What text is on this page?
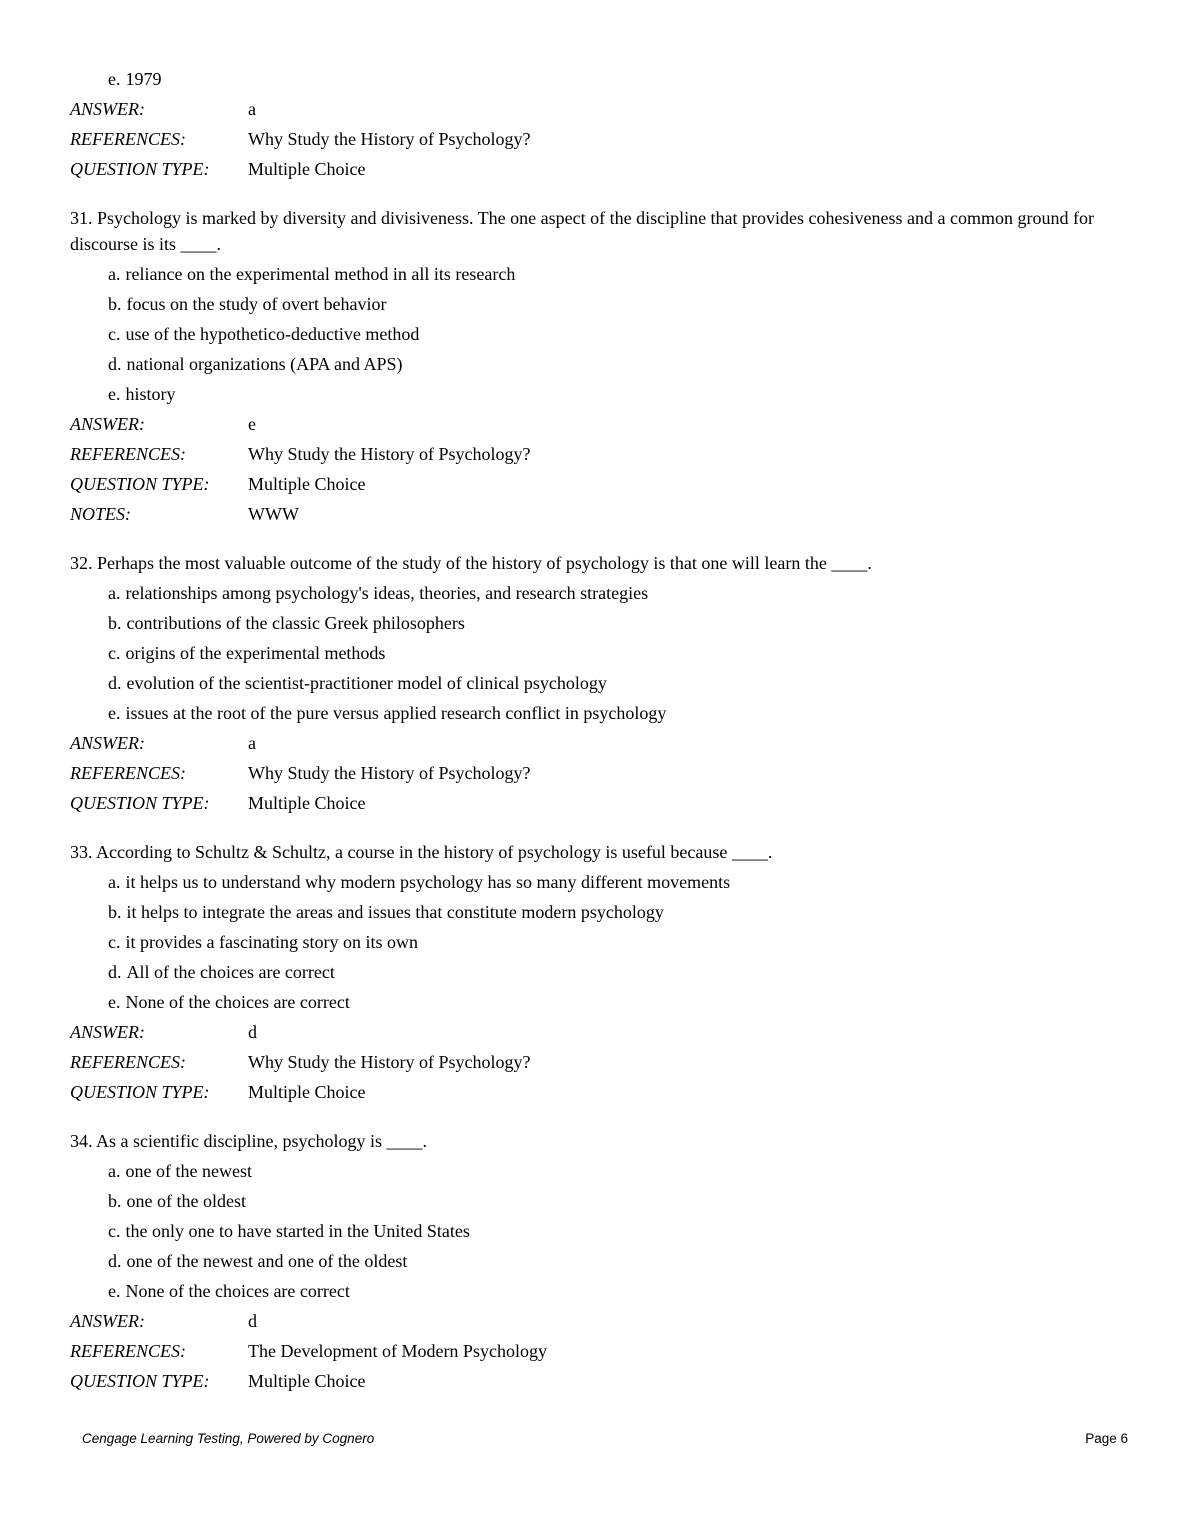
e. 1979
ANSWER:	a
REFERENCES:	Why Study the History of Psychology?
QUESTION TYPE:	Multiple Choice

31. Psychology is marked by diversity and divisiveness. The one aspect of the discipline that provides cohesiveness and a common ground for discourse is its ____.

a. reliance on the experimental method in all its research
b. focus on the study of overt behavior
c. use of the hypothetico-deductive method
d. national organizations (APA and APS)
e. history
ANSWER:	e
REFERENCES:	Why Study the History of Psychology?
QUESTION TYPE:	Multiple Choice
NOTES:	WWW

32. Perhaps the most valuable outcome of the study of the history of psychology is that one will learn the ____.

a. relationships among psychology's ideas, theories, and research strategies
b. contributions of the classic Greek philosophers
c. origins of the experimental methods
d. evolution of the scientist-practitioner model of clinical psychology
e. issues at the root of the pure versus applied research conflict in psychology
ANSWER:	a
REFERENCES:	Why Study the History of Psychology?
QUESTION TYPE:	Multiple Choice

33. According to Schultz & Schultz, a course in the history of psychology is useful because ____.

a. it helps us to understand why modern psychology has so many different movements
b. it helps to integrate the areas and issues that constitute modern psychology
c. it provides a fascinating story on its own
d. All of the choices are correct
e. None of the choices are correct
ANSWER:	d
REFERENCES:	Why Study the History of Psychology?
QUESTION TYPE:	Multiple Choice

34. As a scientific discipline, psychology is ____.

a. one of the newest
b. one of the oldest
c. the only one to have started in the United States
d. one of the newest and one of the oldest
e. None of the choices are correct
ANSWER:	d
REFERENCES:	The Development of Modern Psychology
QUESTION TYPE:	Multiple Choice
Cengage Learning Testing, Powered by Cognero	Page 6
